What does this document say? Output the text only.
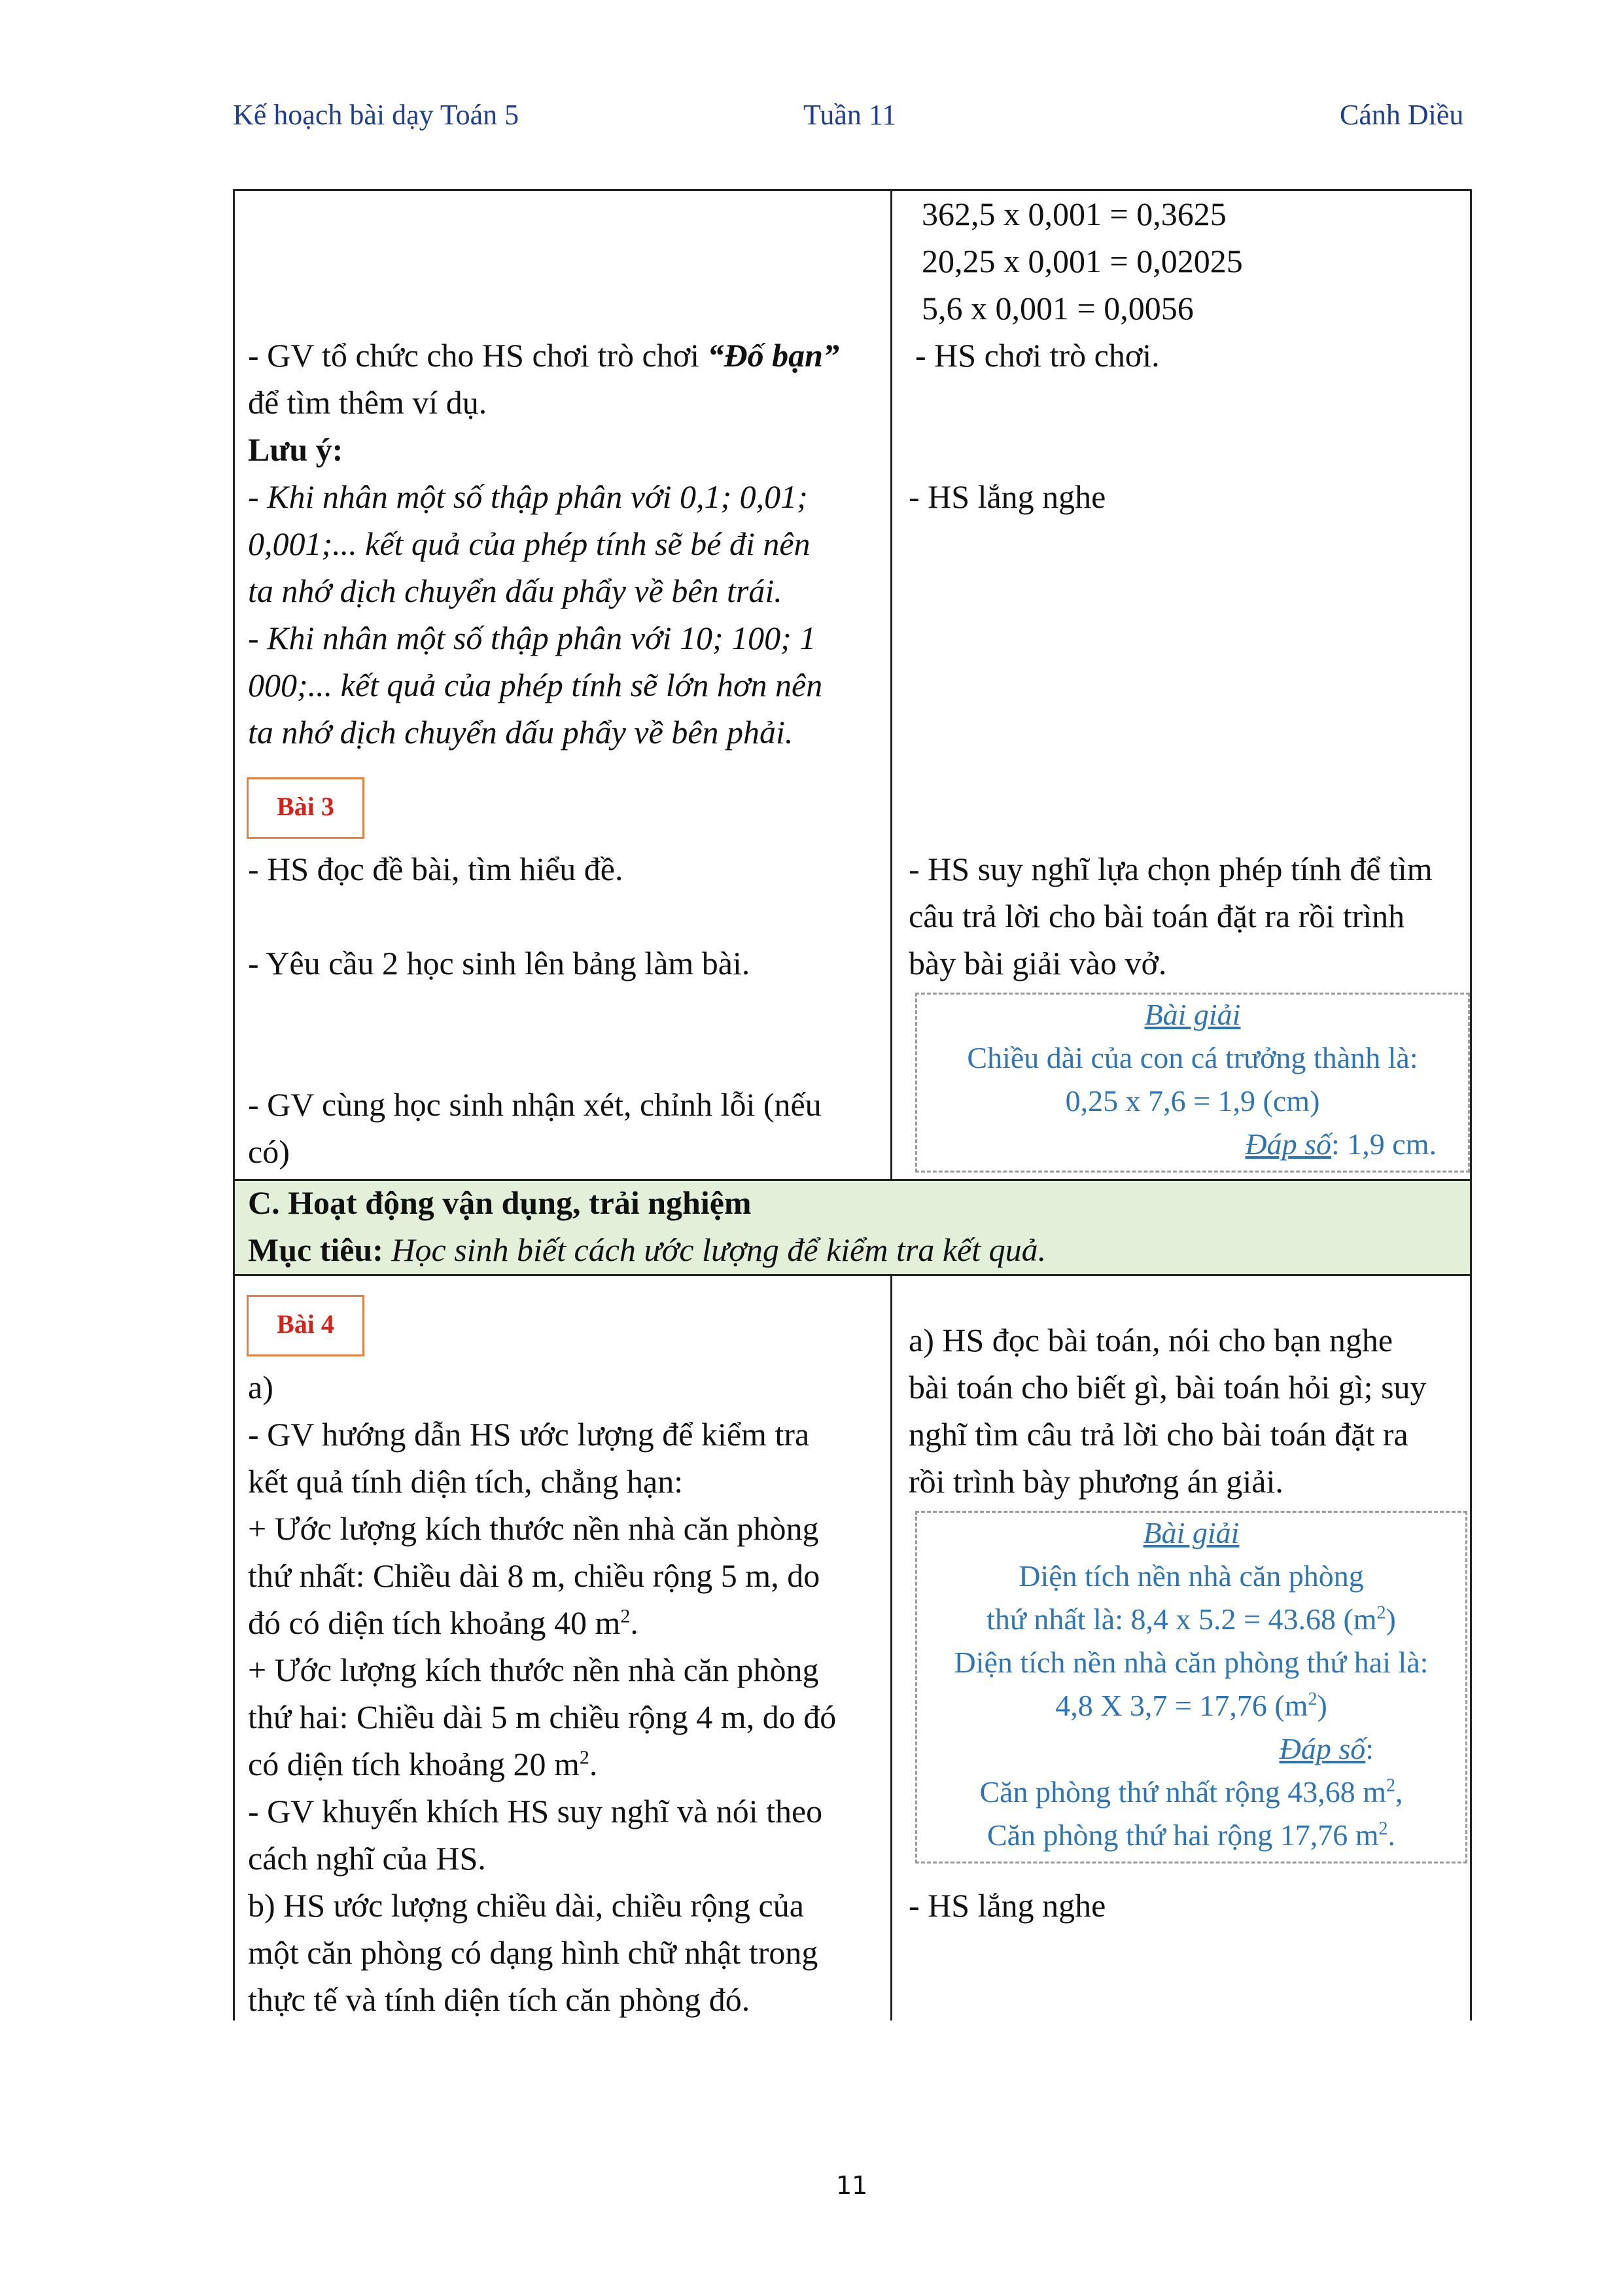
Kế hoạch bài dạy Toán 5	Tuần 11	Cánh Diều
362,5 x 0,001 = 0,3625
20,25 x 0,001 = 0,02025
5,6 x 0,001 = 0,0056
- GV tổ chức cho HS chơi trò chơi “Đố bạn”
để tìm thêm ví dụ.
- HS chơi trò chơi.
Lưu ý:
- Khi nhân một số thập phân với 0,1; 0,01;
0,001;... kết quả của phép tính sẽ bé đi nên
ta nhớ dịch chuyển dấu phẩy về bên trái.
- Khi nhân một số thập phân với 10; 100; 1
000;... kết quả của phép tính sẽ lớn hơn nên
ta nhớ dịch chuyển dấu phẩy về bên phải.
- HS lắng nghe
Bài 3
- HS đọc đề bài, tìm hiểu đề.
- Yêu cầu 2 học sinh lên bảng làm bài.
- GV cùng học sinh nhận xét, chỉnh lỗi (nếu
có)
- HS suy nghĩ lựa chọn phép tính để tìm
câu trả lời cho bài toán đặt ra rồi trình
bày bài giải vào vở.
Bài giải
Chiều dài của con cá trưởng thành là:
0,25 x 7,6 = 1,9 (cm)
Đáp số: 1,9 cm.
C. Hoạt động vận dụng, trải nghiệm
Mục tiêu: Học sinh biết cách ước lượng để kiểm tra kết quả.
Bài 4
a)
- GV hướng dẫn HS ước lượng để kiểm tra
kết quả tính diện tích, chẳng hạn:
+ Ước lượng kích thước nền nhà căn phòng
thứ nhất: Chiều dài 8 m, chiều rộng 5 m, do
đó có diện tích khoảng 40 $m^2$.
+ Ước lượng kích thước nền nhà căn phòng
thứ hai: Chiều dài 5 m chiều rộng 4 m, do đó
có diện tích khoảng 20 $m^2$.
- GV khuyến khích HS suy nghĩ và nói theo
cách nghĩ của HS.
b) HS ước lượng chiều dài, chiều rộng của
một căn phòng có dạng hình chữ nhật trong
thực tế và tính diện tích căn phòng đó.
a) HS đọc bài toán, nói cho bạn nghe
bài toán cho biết gì, bài toán hỏi gì; suy
nghĩ tìm câu trả lời cho bài toán đặt ra
rồi trình bày phương án giải.
Bài giải
Diện tích nền nhà căn phòng
thứ nhất là: 8,4 x 5.2 = 43.68 $(m^2)$
Diện tích nền nhà căn phòng thứ hai là:
4,8 X 3,7 = 17,76 $(m^2)$
Đáp số:
Căn phòng thứ nhất rộng 43,68 $m^2$,
Căn phòng thứ hai rộng 17,76 $m^2$.
- HS lắng nghe
11
